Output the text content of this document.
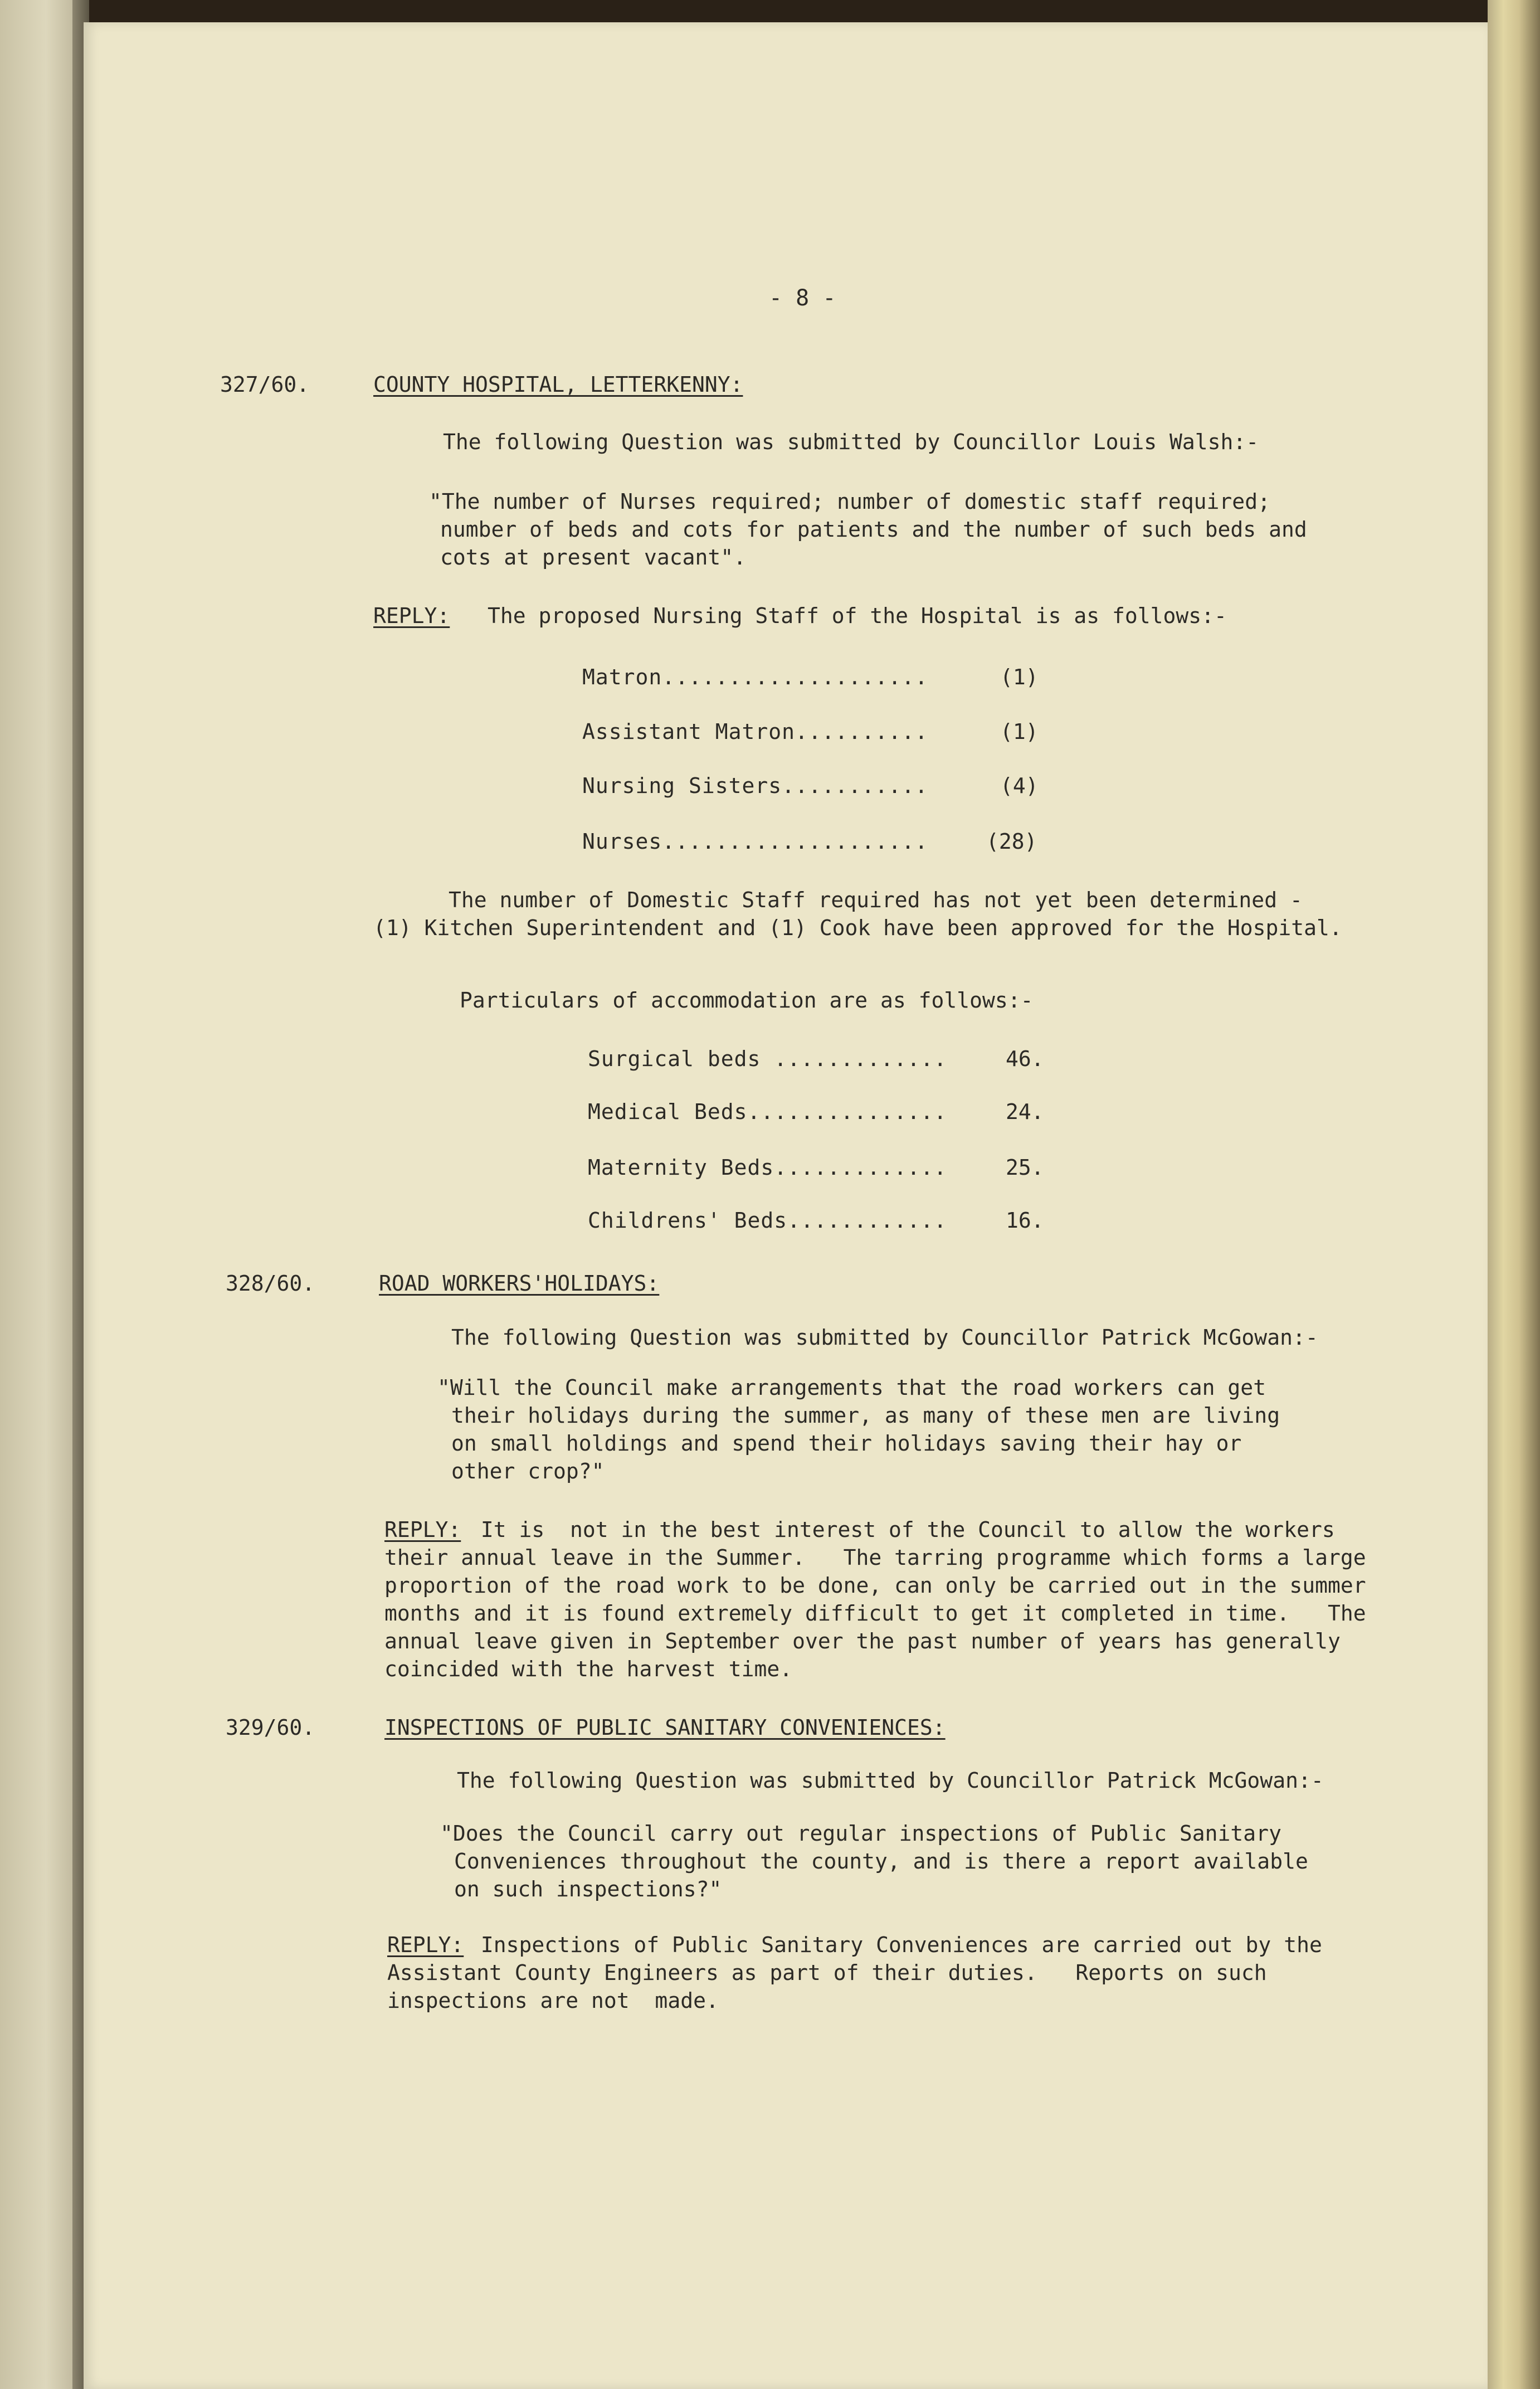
- 8 -
327/60.	COUNTY HOSPITAL, LETTERKENNY:
The following Question was submitted by Councillor Louis Walsh:-
"The number of Nurses required; number of domestic staff required;
number of beds and cots for patients and the number of such beds and
cots at present vacant".
REPLY: The proposed Nursing Staff of the Hospital is as follows:-
Matron....................	(1)
Assistant Matron..........	(1)
Nursing Sisters...........	(4)
Nurses....................	(28)
The number of Domestic Staff required has not yet been determined -
(1) Kitchen Superintendent and (1) Cook have been approved for the Hospital.
Particulars of accommodation are as follows:-
Surgical beds .............	46.
Medical Beds...............	24.
Maternity Beds.............	25.
Childrens' Beds............	16.
328/60.	ROAD WORKERS'HOLIDAYS:
The following Question was submitted by Councillor Patrick McGowan:-
"Will the Council make arrangements that the road workers can get
their holidays during the summer, as many of these men are living
on small holdings and spend their holidays saving their hay or
other crop?"
REPLY: It is  not in the best interest of the Council to allow the workers
their annual leave in the Summer.   The tarring programme which forms a large
proportion of the road work to be done, can only be carried out in the summer
months and it is found extremely difficult to get it completed in time.   The
annual leave given in September over the past number of years has generally
coincided with the harvest time.
329/60.	INSPECTIONS OF PUBLIC SANITARY CONVENIENCES:
The following Question was submitted by Councillor Patrick McGowan:-
"Does the Council carry out regular inspections of Public Sanitary
Conveniences throughout the county, and is there a report available
on such inspections?"
REPLY: Inspections of Public Sanitary Conveniences are carried out by the
Assistant County Engineers as part of their duties.   Reports on such
inspections are not  made.
